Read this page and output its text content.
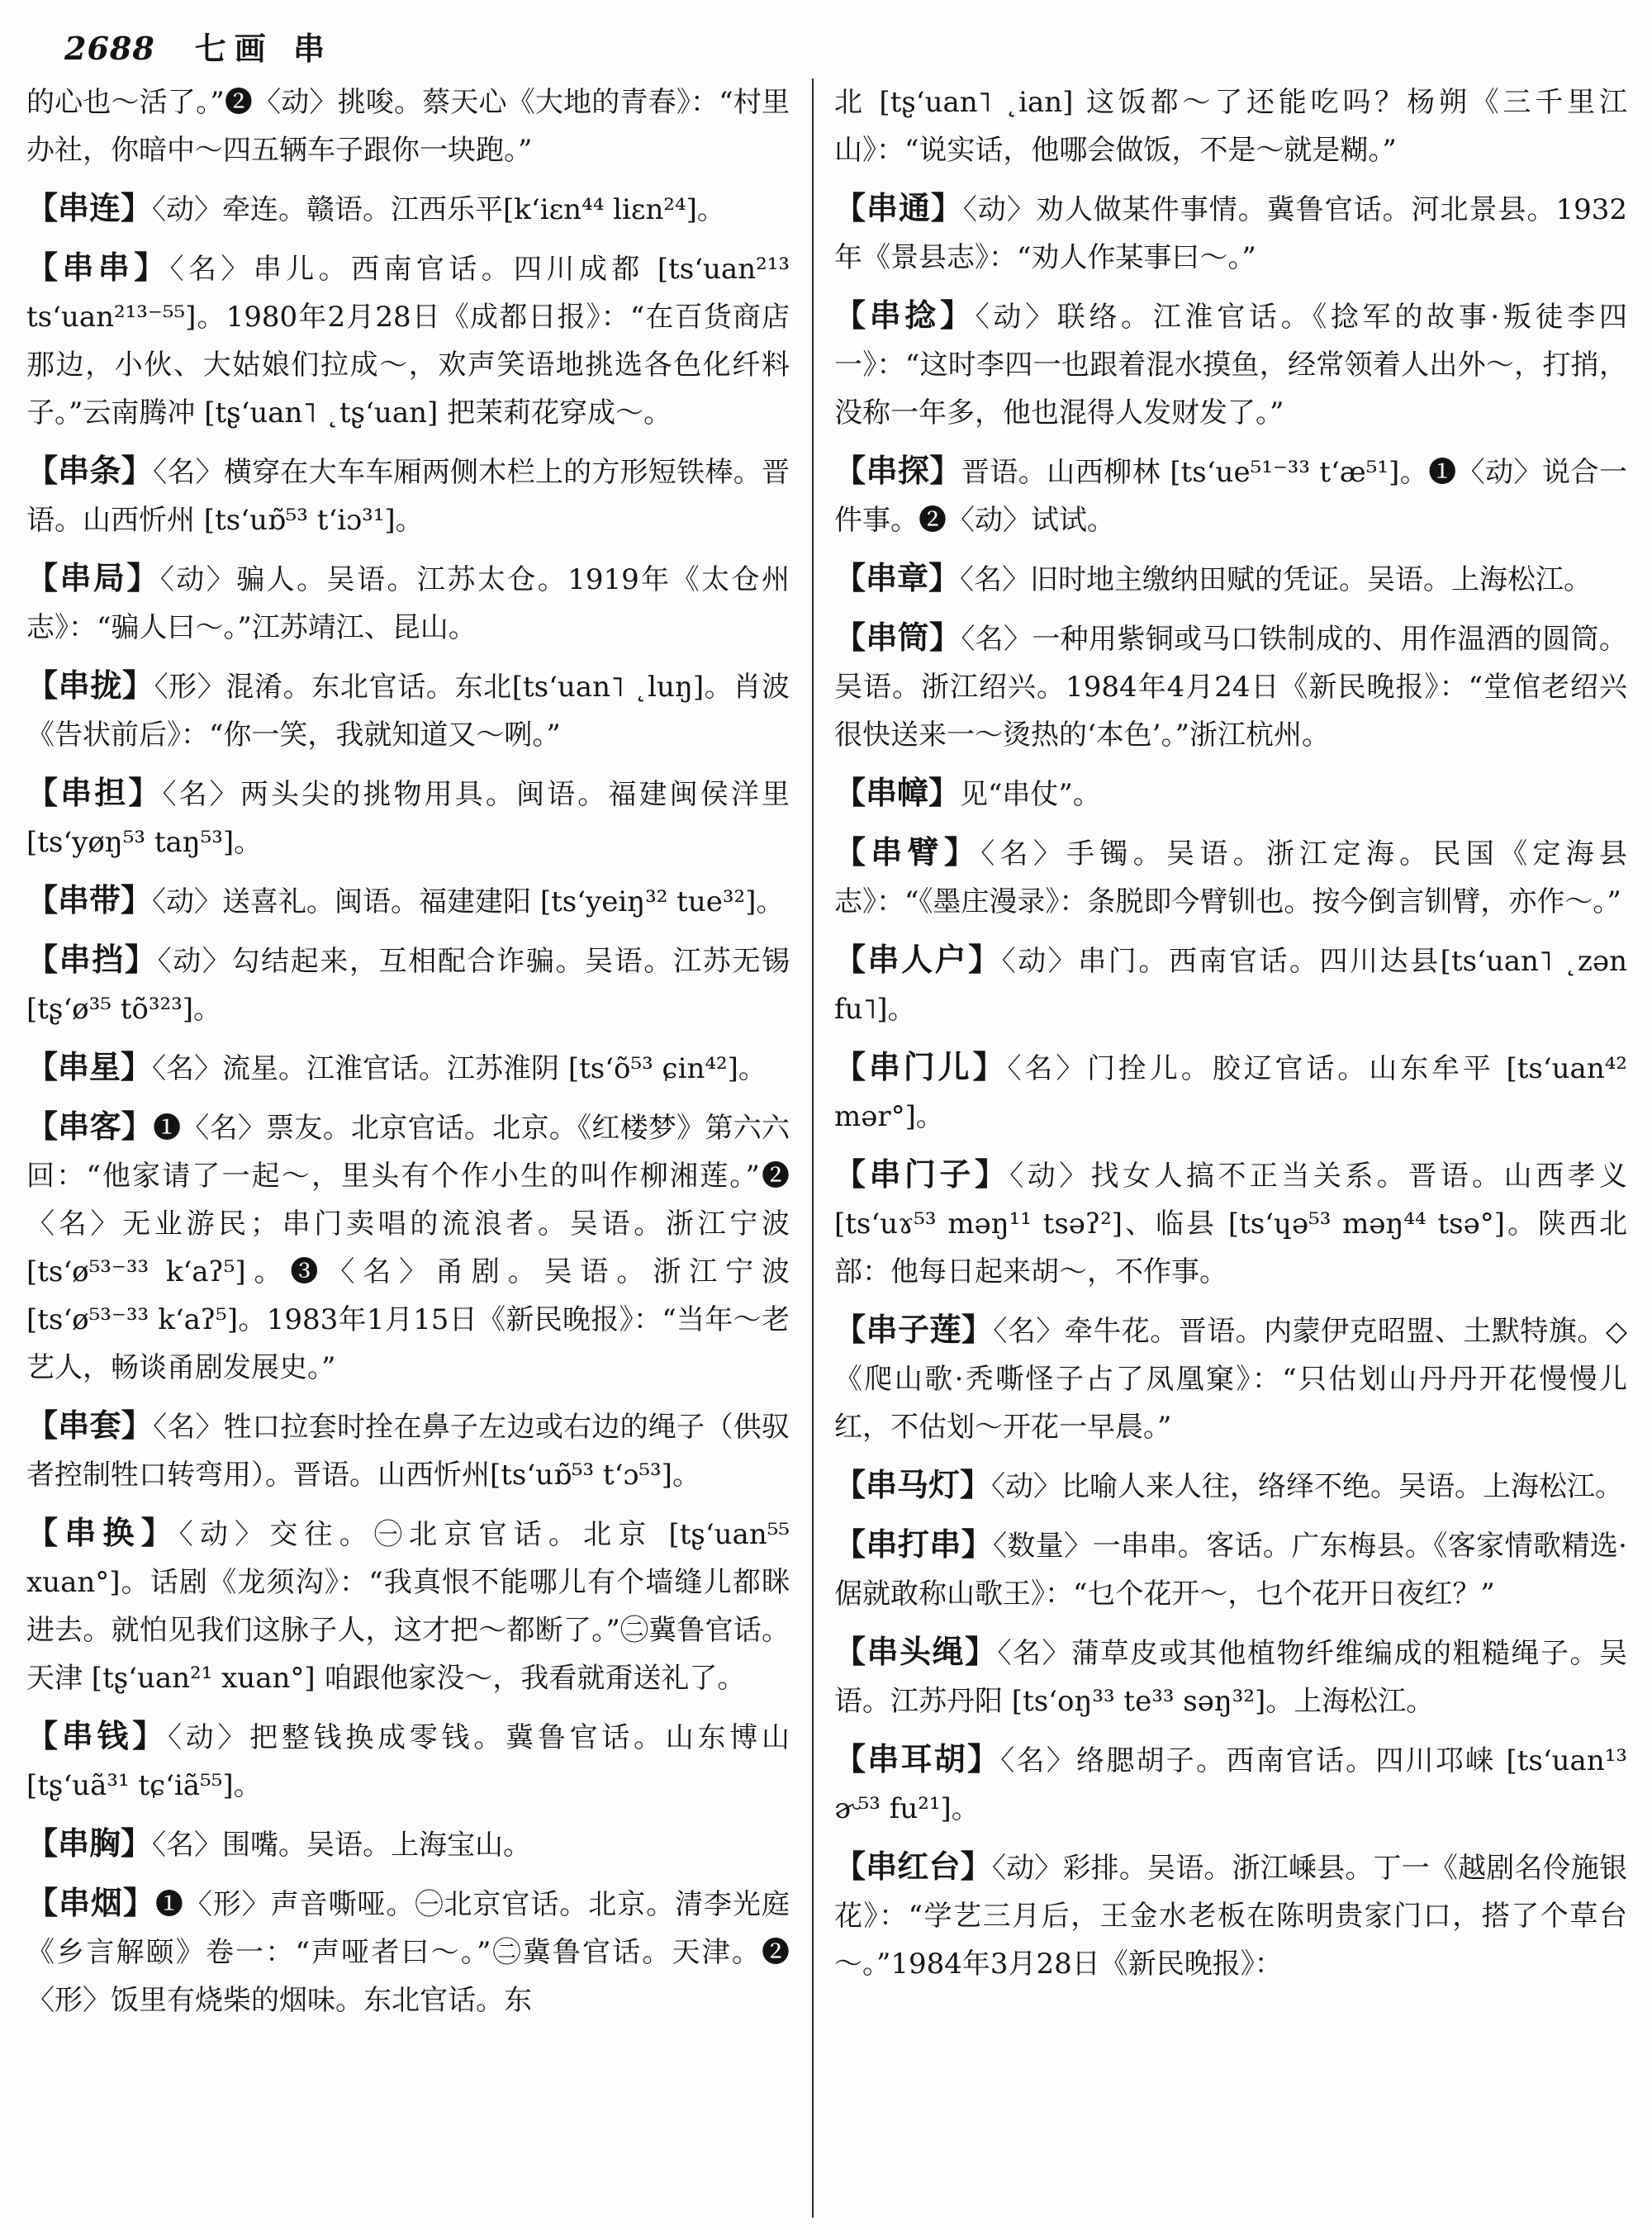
2688 七画 串

的心也～活了。”❷〈动〉挑唆。蔡天心《大地的青春》：“村里办社，你暗中～四五辆车子跟你一块跑。”

【串连】〈动〉牵连。赣语。江西乐平[k‘iɛn⁴⁴ liɛn²⁴]。

【串串】〈名〉串儿。西南官话。四川成都 [ts‘uan²¹³ ts‘uan²¹³⁻⁵⁵]。1980年2月28日《成都日报》：“在百货商店那边，小伙、大姑娘们拉成～，欢声笑语地挑选各色化纤料子。”云南腾冲 [tʂ‘uan˥ ˛tʂ‘uan] 把茉莉花穿成～。

【串条】〈名〉横穿在大车车厢两侧木栏上的方形短铁棒。晋语。山西忻州 [ts‘uɒ̃⁵³ t‘iɔ³¹]。

【串局】〈动〉骗人。吴语。江苏太仓。1919年《太仓州志》：“骗人曰～。”江苏靖江、昆山。

【串拢】〈形〉混淆。东北官话。东北[ts‘uan˥ ˛luŋ]。肖波《告状前后》：“你一笑，我就知道又～咧。”

【串担】〈名〉两头尖的挑物用具。闽语。福建闽侯洋里 [ts‘yøŋ⁵³ taŋ⁵³]。

【串带】〈动〉送喜礼。闽语。福建建阳 [ts‘yeiŋ³² tue³²]。

【串挡】〈动〉勾结起来，互相配合诈骗。吴语。江苏无锡 [tʂ‘ø³⁵ tõ³²³]。

【串星】〈名〉流星。江淮官话。江苏淮阴 [ts‘õ⁵³ ɕin⁴²]。

【串客】❶〈名〉票友。北京官话。北京。《红楼梦》第六六回：“他家请了一起～，里头有个作小生的叫作柳湘莲。”❷〈名〉无业游民；串门卖唱的流浪者。吴语。浙江宁波 [ts‘ø⁵³⁻³³ k‘aʔ⁵]。❸〈名〉甬剧。吴语。浙江宁波 [ts‘ø⁵³⁻³³ k‘aʔ⁵]。1983年1月15日《新民晚报》：“当年～老艺人，畅谈甬剧发展史。”

【串套】〈名〉牲口拉套时拴在鼻子左边或右边的绳子（供驭者控制牲口转弯用）。晋语。山西忻州[ts‘uɒ̃⁵³ t‘ɔ⁵³]。

【串换】〈动〉交往。㊀北京官话。北京 [tʂ‘uan⁵⁵ xuan°]。话剧《龙须沟》：“我真恨不能哪儿有个墙缝儿都眯进去。就怕见我们这脉子人，这才把～都断了。”㊁冀鲁官话。天津 [tʂ‘uan²¹ xuan°] 咱跟他家没～，我看就甭送礼了。

【串钱】〈动〉把整钱换成零钱。冀鲁官话。山东博山 [tʂ‘uã³¹ tɕ‘iã⁵⁵]。

【串胸】〈名〉围嘴。吴语。上海宝山。

【串烟】❶〈形〉声音嘶哑。㊀北京官话。北京。清李光庭《乡言解颐》卷一：“声哑者曰～。”㊁冀鲁官话。天津。❷〈形〉饭里有烧柴的烟味。东北官话。东

北 [tʂ‘uan˥ ˛ian] 这饭都～了还能吃吗？杨朔《三千里江山》：“说实话，他哪会做饭，不是～就是糊。”

【串通】〈动〉劝人做某件事情。冀鲁官话。河北景县。1932年《景县志》：“劝人作某事曰～。”

【串捻】〈动〉联络。江淮官话。《捻军的故事·叛徒李四一》：“这时李四一也跟着混水摸鱼，经常领着人出外～，打捎，没称一年多，他也混得人发财发了。”

【串探】晋语。山西柳林 [ts‘ue⁵¹⁻³³ t‘æ⁵¹]。❶〈动〉说合一件事。❷〈动〉试试。

【串章】〈名〉旧时地主缴纳田赋的凭证。吴语。上海松江。

【串筒】〈名〉一种用紫铜或马口铁制成的、用作温酒的圆筒。吴语。浙江绍兴。1984年4月24日《新民晚报》：“堂倌老绍兴很快送来一～烫热的‘本色’。”浙江杭州。

【串幛】见“串仗”。

【串臂】〈名〉手镯。吴语。浙江定海。民国《定海县志》：“《墨庄漫录》：条脱即今臂钏也。按今倒言钏臂，亦作～。”

【串人户】〈动〉串门。西南官话。四川达县[ts‘uan˥ ˛zən fu˥]。

【串门儿】〈名〉门拴儿。胶辽官话。山东牟平 [ts‘uan⁴² mər°]。

【串门子】〈动〉找女人搞不正当关系。晋语。山西孝义 [ts‘uɤ⁵³ məŋ¹¹ tsəʔ²]、临县 [ts‘ɥə⁵³ məŋ⁴⁴ tsə°]。陕西北部：他每日起来胡～，不作事。

【串子莲】〈名〉牵牛花。晋语。内蒙伊克昭盟、土默特旗。◇《爬山歌·秃嘶怪子占了凤凰窠》：“只估划山丹丹开花慢慢儿红，不估划～开花一早晨。”

【串马灯】〈动〉比喻人来人往，络绎不绝。吴语。上海松江。

【串打串】〈数量〉一串串。客话。广东梅县。《客家情歌精选·倨就敢称山歌王》：“乜个花开～，乜个花开日夜红？”

【串头绳】〈名〉蒲草皮或其他植物纤维编成的粗糙绳子。吴语。江苏丹阳 [ts‘oŋ³³ te³³ səŋ³²]。上海松江。

【串耳胡】〈名〉络腮胡子。西南官话。四川邛崃 [ts‘uan¹³ ɚ⁵³ fu²¹]。

【串红台】〈动〉彩排。吴语。浙江嵊县。丁一《越剧名伶施银花》：“学艺三月后，王金水老板在陈明贵家门口，搭了个草台～。”1984年3月28日《新民晚报》：
